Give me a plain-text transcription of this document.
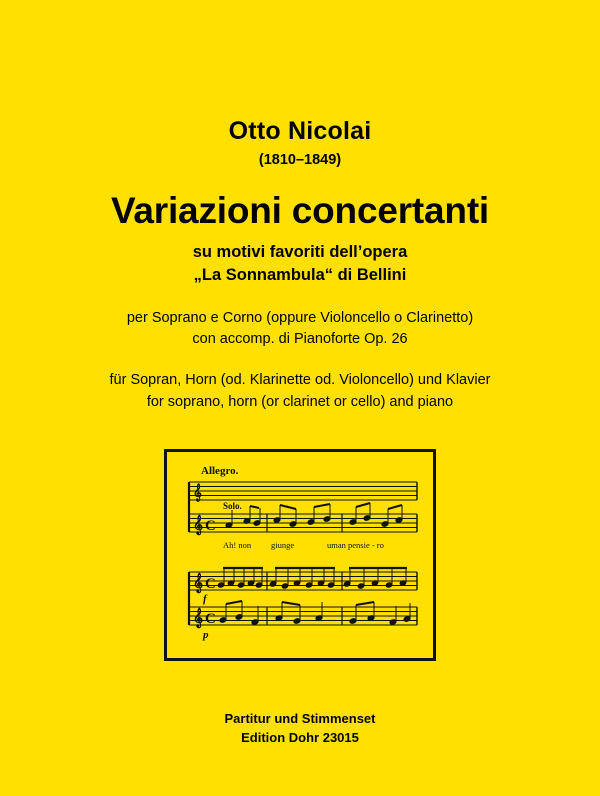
Otto Nicolai
(1810–1849)
Variazioni concertanti
su motivi favoriti dell’opera
„La Sonnambula“ di Bellini
per Soprano e Corno (oppure Violoncello o Clarinetto)
con accomp. di Pianoforte Op. 26
für Sopran, Horn (od. Klarinette od. Violoncello) und Klavier
for soprano, horn (or clarinet or cello) and piano
𝄞
𝄞 C
𝄞 C
𝄞 C
Allegro.
Solo.
Ah! non giunge	uman pensie - ro
f
p
Partitur und Stimmenset
Edition Dohr 23015
